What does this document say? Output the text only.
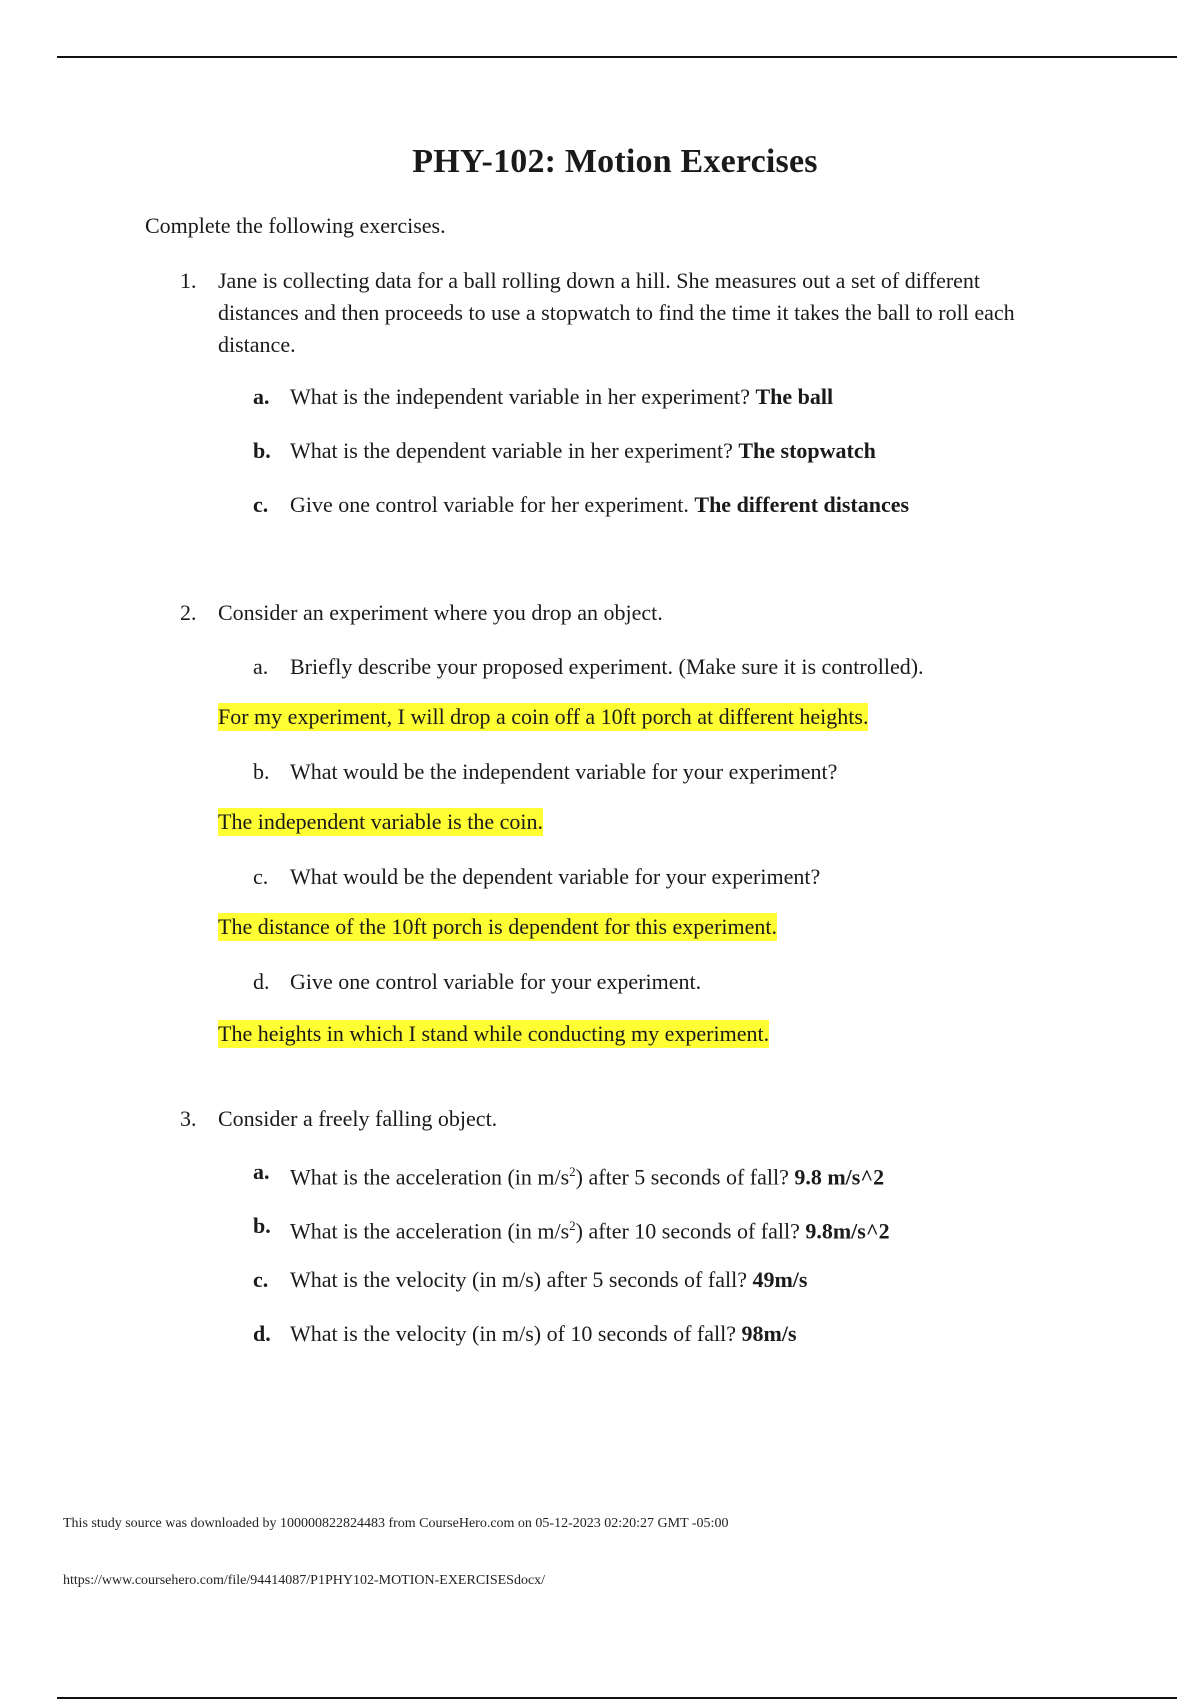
PHY-102: Motion Exercises
Complete the following exercises.
1. Jane is collecting data for a ball rolling down a hill. She measures out a set of different distances and then proceeds to use a stopwatch to find the time it takes the ball to roll each distance.
a. What is the independent variable in her experiment? The ball
b. What is the dependent variable in her experiment? The stopwatch
c. Give one control variable for her experiment. The different distances
2. Consider an experiment where you drop an object.
a. Briefly describe your proposed experiment. (Make sure it is controlled).
For my experiment, I will drop a coin off a 10ft porch at different heights.
b. What would be the independent variable for your experiment?
The independent variable is the coin.
c. What would be the dependent variable for your experiment?
The distance of the 10ft porch is dependent for this experiment.
d. Give one control variable for your experiment.
The heights in which I stand while conducting my experiment.
3. Consider a freely falling object.
a. What is the acceleration (in $m/s^2$) after 5 seconds of fall? 9.8 m/s^2
b. What is the acceleration (in $m/s^2$) after 10 seconds of fall? 9.8m/s^2
c. What is the velocity (in m/s) after 5 seconds of fall? 49m/s
d. What is the velocity (in m/s) of 10 seconds of fall? 98m/s
This study source was downloaded by 100000822824483 from CourseHero.com on 05-12-2023 02:20:27 GMT -05:00
https://www.coursehero.com/file/94414087/P1PHY102-MOTION-EXERCISESdocx/
